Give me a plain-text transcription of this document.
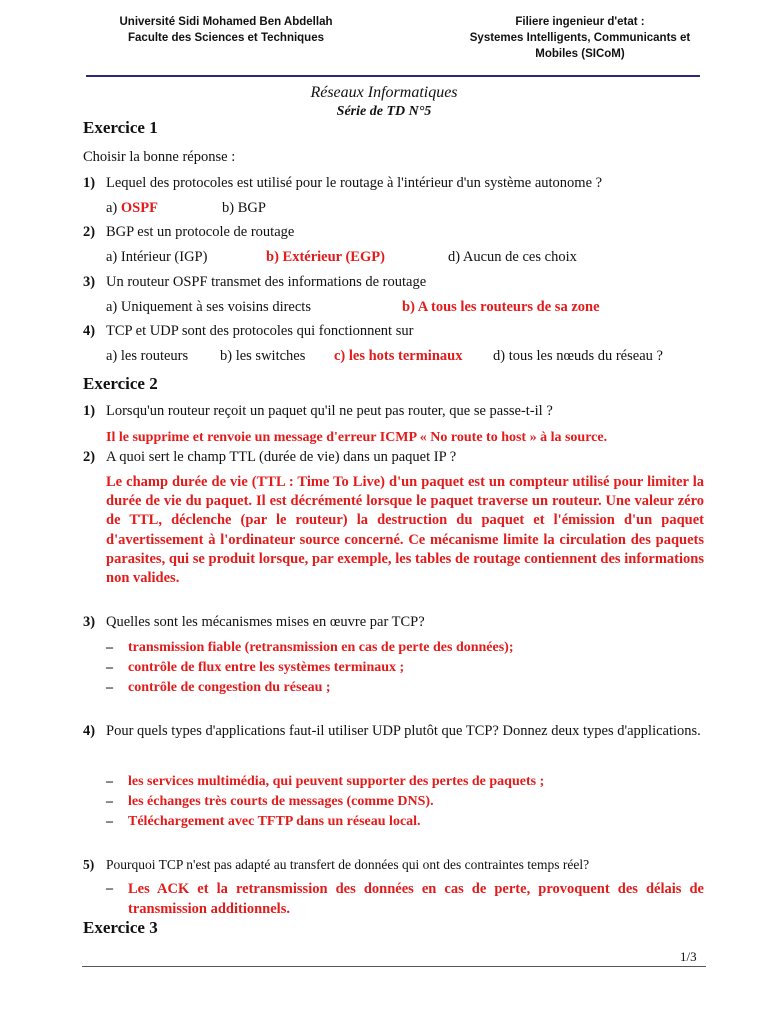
Université Sidi Mohamed Ben Abdellah
Faculte des Sciences et Techniques
Filiere ingenieur d'etat :
Systemes Intelligents, Communicants et
Mobiles (SICoM)
Réseaux Informatiques
Série de TD N°5
Exercice 1
Choisir la bonne réponse :
1) Lequel des protocoles est utilisé pour le routage à l'intérieur d'un système autonome ?
a) OSPF	b) BGP
2) BGP est un protocole de routage
a) Intérieur (IGP)	b) Extérieur (EGP)	d) Aucun de ces choix
3) Un routeur OSPF transmet des informations de routage
a) Uniquement à ses voisins directs	b) A tous les routeurs de sa zone
4) TCP et UDP sont des protocoles qui fonctionnent sur
a) les routeurs b) les switches c) les hots terminaux d) tous les nœuds du réseau ?
Exercice 2
1) Lorsqu'un routeur reçoit un paquet qu'il ne peut pas router, que se passe-t-il ?
Il le supprime et renvoie un message d'erreur ICMP « No route to host » à la source.
2) A quoi sert le champ TTL (durée de vie) dans un paquet IP ?
Le champ durée de vie (TTL : Time To Live) d'un paquet est un compteur utilisé pour limiter la durée de vie du paquet. Il est décrémenté lorsque le paquet traverse un routeur. Une valeur zéro de TTL, déclenche (par le routeur) la destruction du paquet et l'émission d'un paquet d'avertissement à l'ordinateur source concerné. Ce mécanisme limite la circulation des paquets parasites, qui se produit lorsque, par exemple, les tables de routage contiennent des informations non valides.
3) Quelles sont les mécanismes mises en œuvre par TCP?
– transmission fiable (retransmission en cas de perte des données);
– contrôle de flux entre les systèmes terminaux ;
– contrôle de congestion du réseau ;
4) Pour quels types d'applications faut-il utiliser UDP plutôt que TCP? Donnez deux types d'applications.
– les services multimédia, qui peuvent supporter des pertes de paquets ;
– les échanges très courts de messages (comme DNS).
– Téléchargement avec TFTP dans un réseau local.
5) Pourquoi TCP n'est pas adapté au transfert de données qui ont des contraintes temps réel?
–	Les ACK et la retransmission des données en cas de perte, provoquent des délais de transmission additionnels.
Exercice 3
1/3
